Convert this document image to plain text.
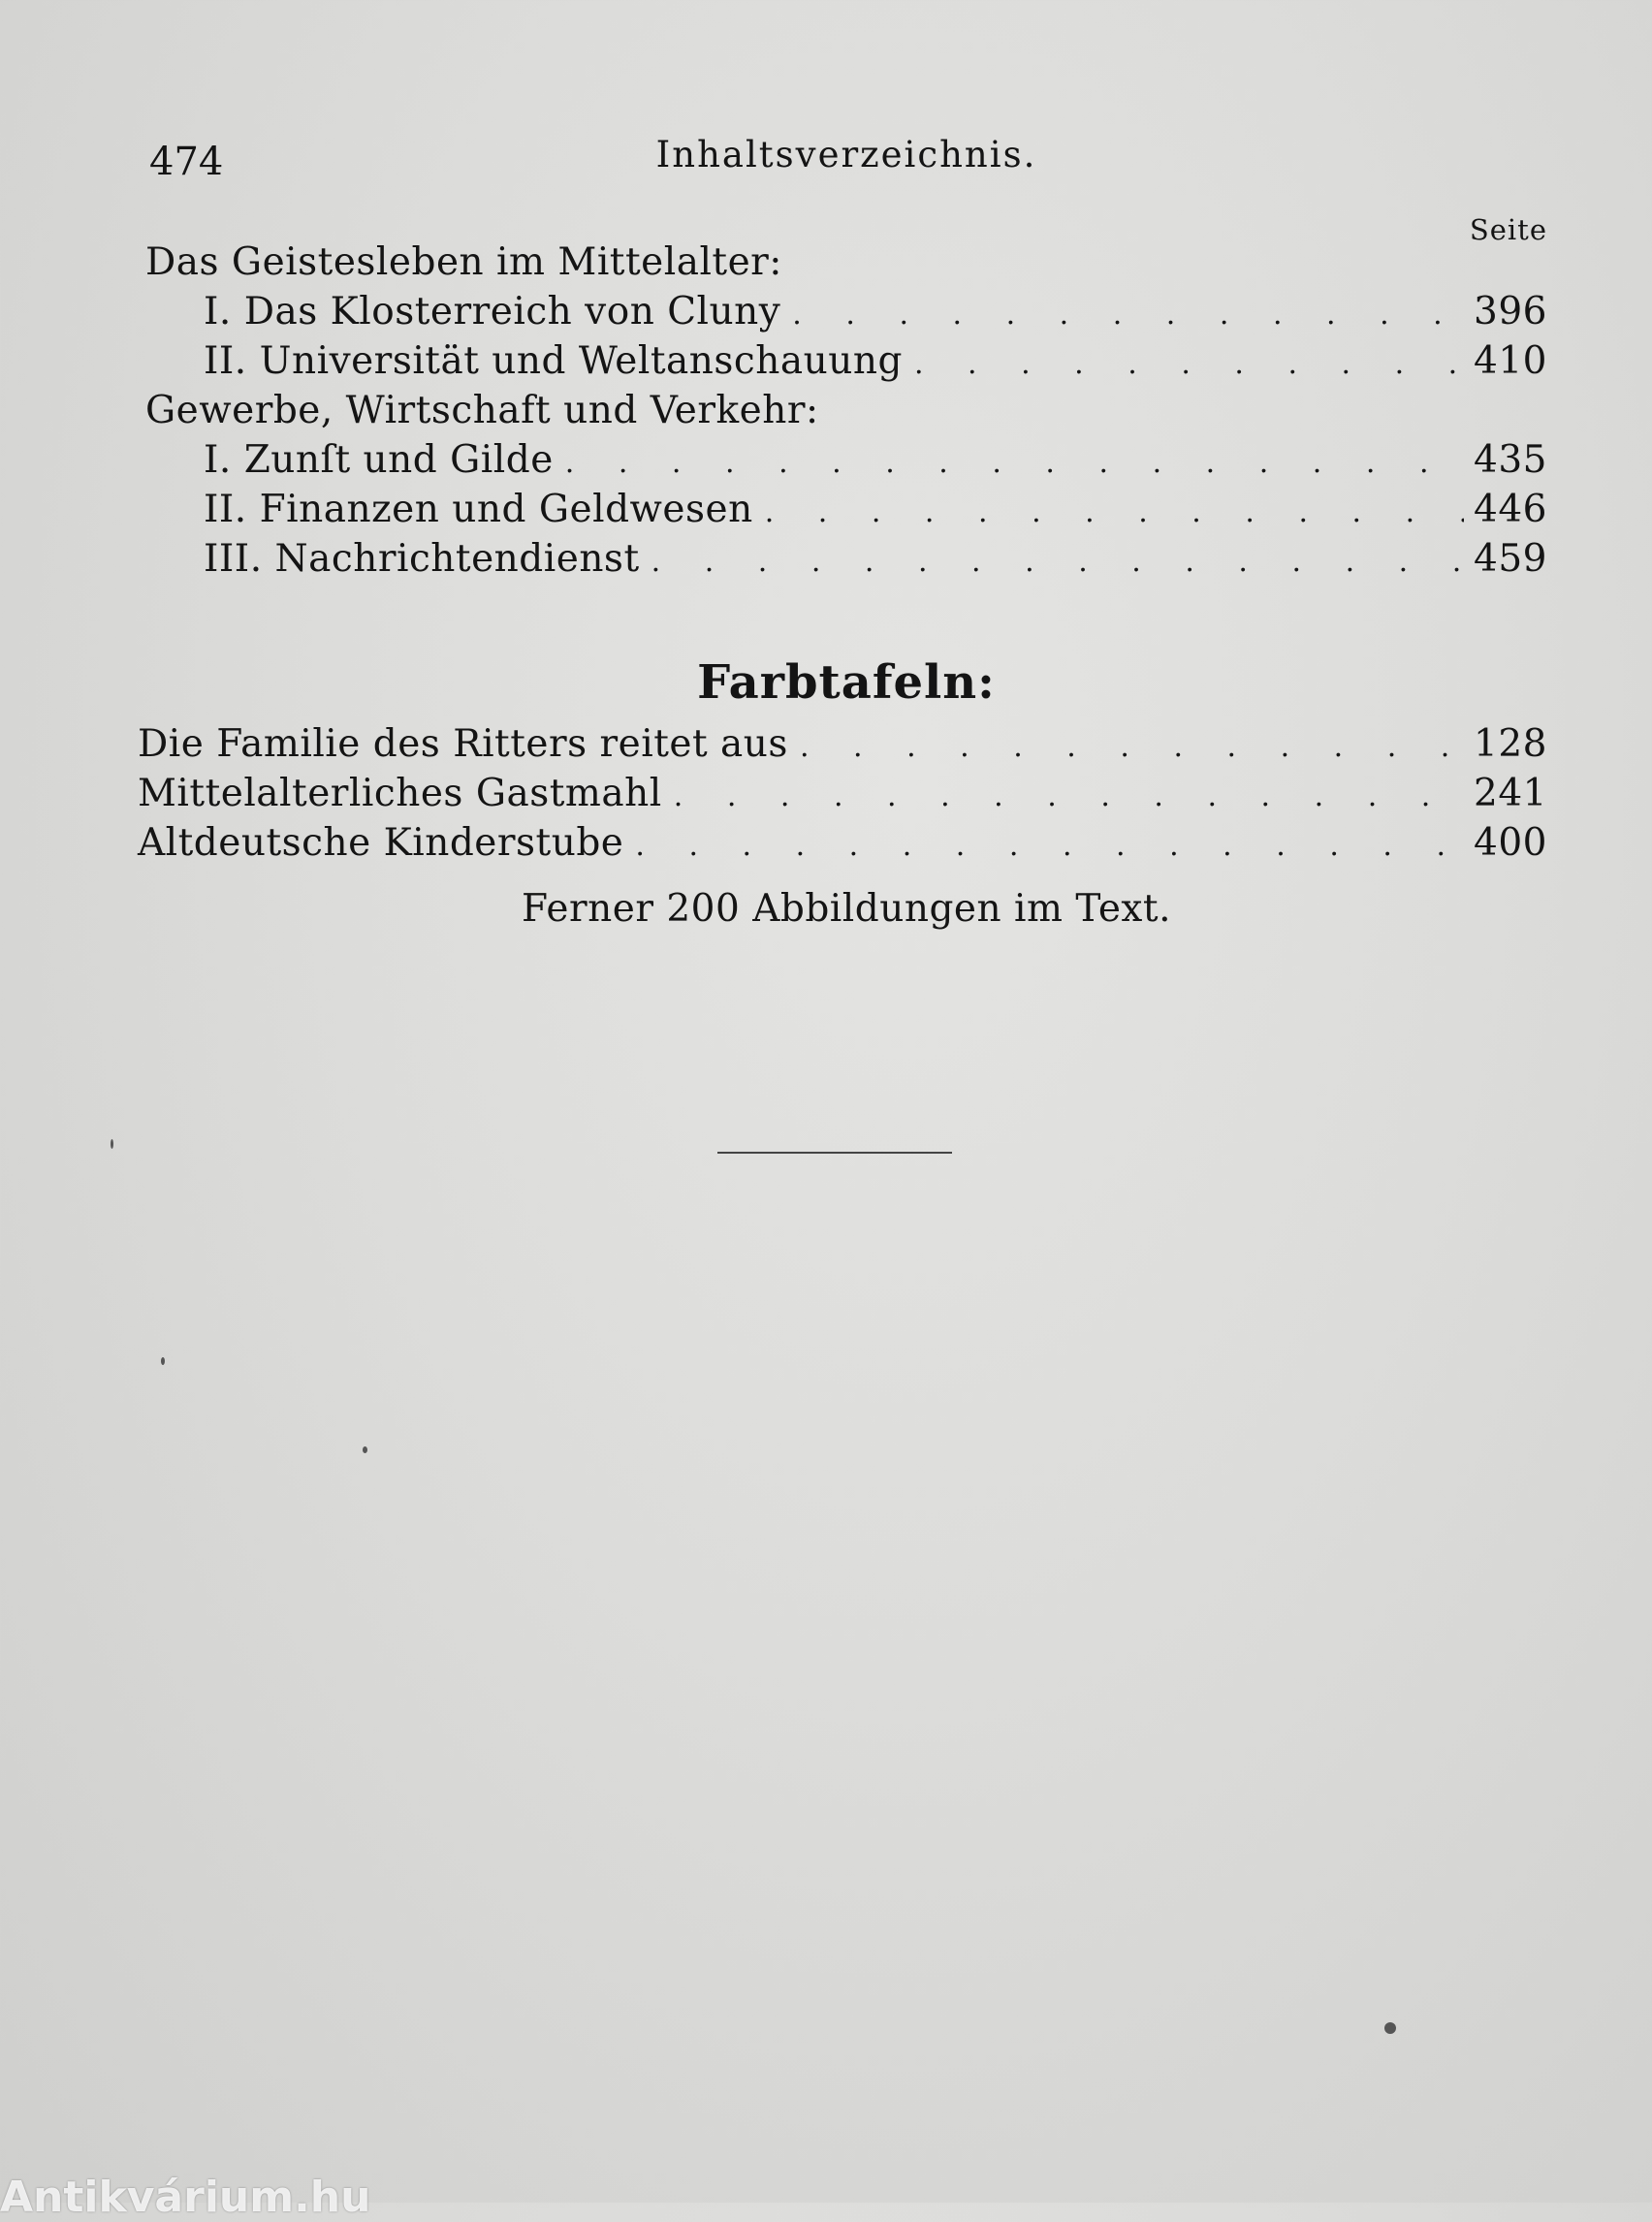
474	Inhaltsverzeichnis.
Seite
Das Geistesleben im Mittelalter:
I. Das Klosterreich von Cluny . . .	396
II. Universität und Weltanschauung . . .	410
Gewerbe, Wirtschaft und Verkehr:
I. Zunſt und Gilde . . .	435
II. Finanzen und Geldwesen . . .	446
III. Nachrichtendienst . . .	459
Farbtafeln:
Die Familie des Ritters reitet aus . . .	128
Mittelalterliches Gastmahl . . .	241
Altdeutsche Kinderstube . . .	400
Ferner 200 Abbildungen im Text.
Antikvárium.hu
